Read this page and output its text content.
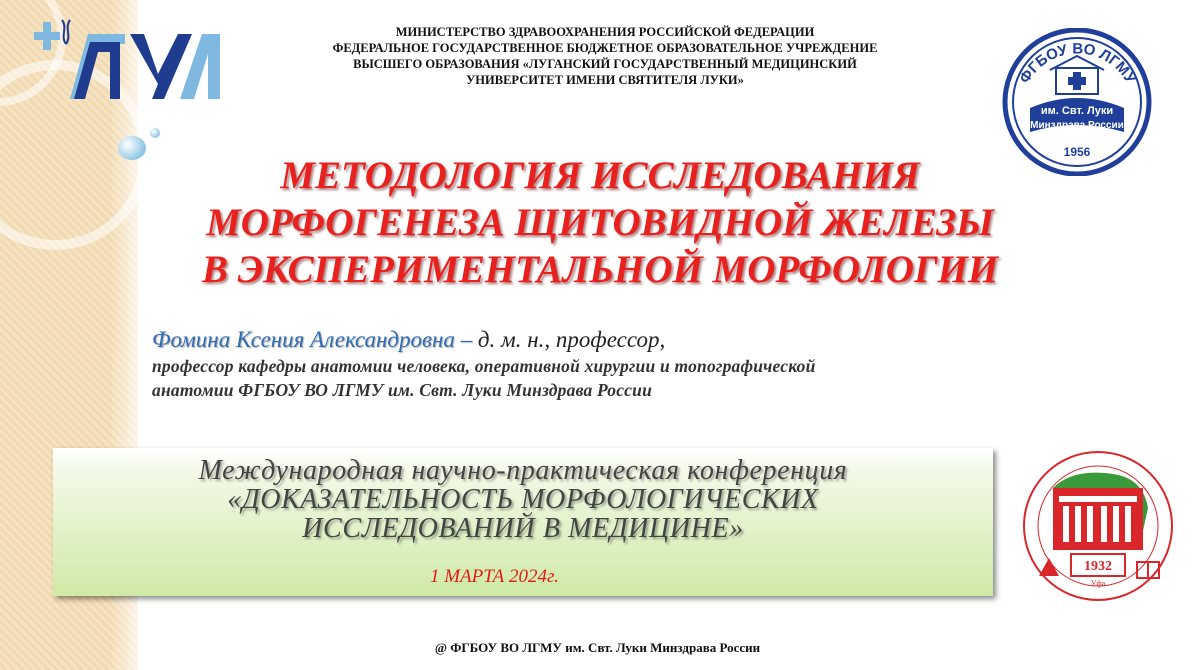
МИНИСТЕРСТВО ЗДРАВООХРАНЕНИЯ РОССИЙСКОЙ ФЕДЕРАЦИИ
ФЕДЕРАЛЬНОЕ ГОСУДАРСТВЕННОЕ БЮДЖЕТНОЕ ОБРАЗОВАТЕЛЬНОЕ УЧРЕЖДЕНИЕ
ВЫСШЕГО ОБРАЗОВАНИЯ «ЛУГАНСКИЙ ГОСУДАРСТВЕННЫЙ МЕДИЦИНСКИЙ
УНИВЕРСИТЕТ ИМЕНИ СВЯТИТЕЛЯ ЛУКИ»	ФГБОУ ВО ЛГМУ
им. Свт. Луки
Минздрава России
1956
МЕТОДОЛОГИЯ ИССЛЕДОВАНИЯ
МОРФОГЕНЕЗА ЩИТОВИДНОЙ ЖЕЛЕЗЫ
В ЭКСПЕРИМЕНТАЛЬНОЙ МОРФОЛОГИИ
Фомина Ксения Александровна – д. м. н., профессор,
профессор кафедры анатомии человека, оперативной хирургии и топографической
анатомии ФГБОУ ВО ЛГМУ им. Свт. Луки Минздрава России
Международная научно-практическая конференция
«ДОКАЗАТЕЛЬНОСТЬ МОРФОЛОГИЧЕСКИХ
ИССЛЕДОВАНИЙ В МЕДИЦИНЕ»
1 МАРТА 2024г.	1932
Уфа
@ ФГБОУ ВО ЛГМУ им. Свт. Луки Минздрава России
